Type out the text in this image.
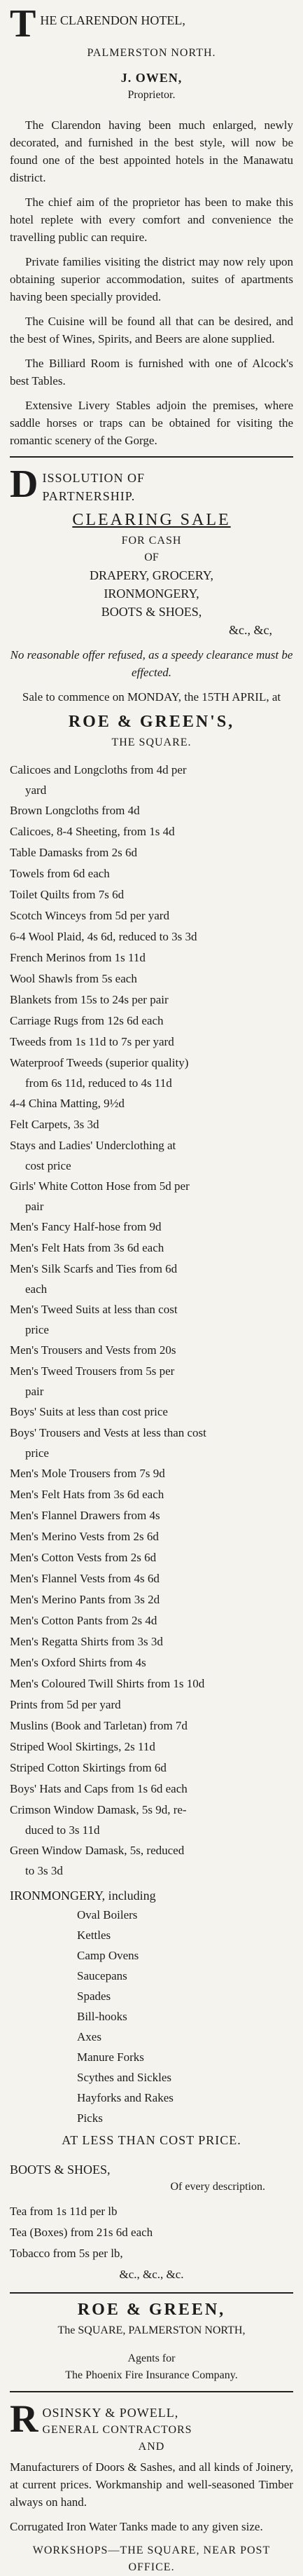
T HE CLARENDON HOTEL,

PALMERSTON NORTH.

J. OWEN,

Proprietor.

The Clarendon having been much enlarged, newly decorated, and furnished in the best style, will now be found one of the best appointed hotels in the Manawatu district.

The chief aim of the proprietor has been to make this hotel replete with every comfort and convenience the travelling public can require.

Private families visiting the district may now rely upon obtaining superior accommodation, suites of apartments having been specially provided.

The Cuisine will be found all that can be desired, and the best of Wines, Spirits, and Beers are alone supplied.

The Billiard Room is furnished with one of Alcock's best Tables.

Extensive Livery Stables adjoin the premises, where saddle horses or traps can be obtained for visiting the romantic scenery of the Gorge.

D ISSOLUTION OF

PARTNERSHIP.

CLEARING SALE

FOR CASH

OF

DRAPERY, GROCERY,

IRONMONGERY,

BOOTS & SHOES,

&c., &c,

No reasonable offer refused, as a speedy clearance must be effected.

Sale to commence on MONDAY, the 15TH APRIL, at

ROE & GREEN'S,

THE SQUARE.

Calicoes and Longcloths from 4d per

yard

Brown Longcloths from 4d

Calicoes, 8-4 Sheeting, from 1s 4d

Table Damasks from 2s 6d

Towels from 6d each

Toilet Quilts from 7s 6d

Scotch Winceys from 5d per yard

6-4 Wool Plaid, 4s 6d, reduced to 3s 3d

French Merinos from 1s 11d

Wool Shawls from 5s each

Blankets from 15s to 24s per pair

Carriage Rugs from 12s 6d each

Tweeds from 1s 11d to 7s per yard

Waterproof Tweeds (superior quality)

from 6s 11d, reduced to 4s 11d

4-4 China Matting, 9½d

Felt Carpets, 3s 3d

Stays and Ladies' Underclothing at

cost price

Girls' White Cotton Hose from 5d per

pair

Men's Fancy Half-hose from 9d

Men's Felt Hats from 3s 6d each

Men's Silk Scarfs and Ties from 6d

each

Men's Tweed Suits at less than cost

price

Men's Trousers and Vests from 20s

Men's Tweed Trousers from 5s per

pair

Boys' Suits at less than cost price

Boys' Trousers and Vests at less than cost

price

Men's Mole Trousers from 7s 9d

Men's Felt Hats from 3s 6d each

Men's Flannel Drawers from 4s

Men's Merino Vests from 2s 6d

Men's Cotton Vests from 2s 6d

Men's Flannel Vests from 4s 6d

Men's Merino Pants from 3s 2d

Men's Cotton Pants from 2s 4d

Men's Regatta Shirts from 3s 3d

Men's Oxford Shirts from 4s

Men's Coloured Twill Shirts from 1s 10d

Prints from 5d per yard

Muslins (Book and Tarletan) from 7d

Striped Wool Skirtings, 2s 11d

Striped Cotton Skirtings from 6d

Boys' Hats and Caps from 1s 6d each

Crimson Window Damask, 5s 9d, re-

duced to 3s 11d

Green Window Damask, 5s, reduced

to 3s 3d

IRONMONGERY, including

Oval Boilers

Kettles

Camp Ovens

Saucepans

Spades

Bill-hooks

Axes

Manure Forks

Scythes and Sickles

Hayforks and Rakes

Picks

AT LESS THAN COST PRICE.

BOOTS & SHOES,

Of every description.

Tea from 1s 11d per lb

Tea (Boxes) from 21s 6d each

Tobacco from 5s per lb,

&c., &c., &c.

ROE & GREEN,

The SQUARE, PALMERSTON NORTH,

Agents for

The Phoenix Fire Insurance Company.

R OSINSKY & POWELL,

GENERAL CONTRACTORS

AND

Manufacturers of Doors & Sashes, and all kinds of Joinery, at current prices. Workmanship and well-seasoned Timber always on hand.

Corrugated Iron Water Tanks made to any given size.

WORKSHOPS—THE SQUARE, NEAR POST OFFICE.
